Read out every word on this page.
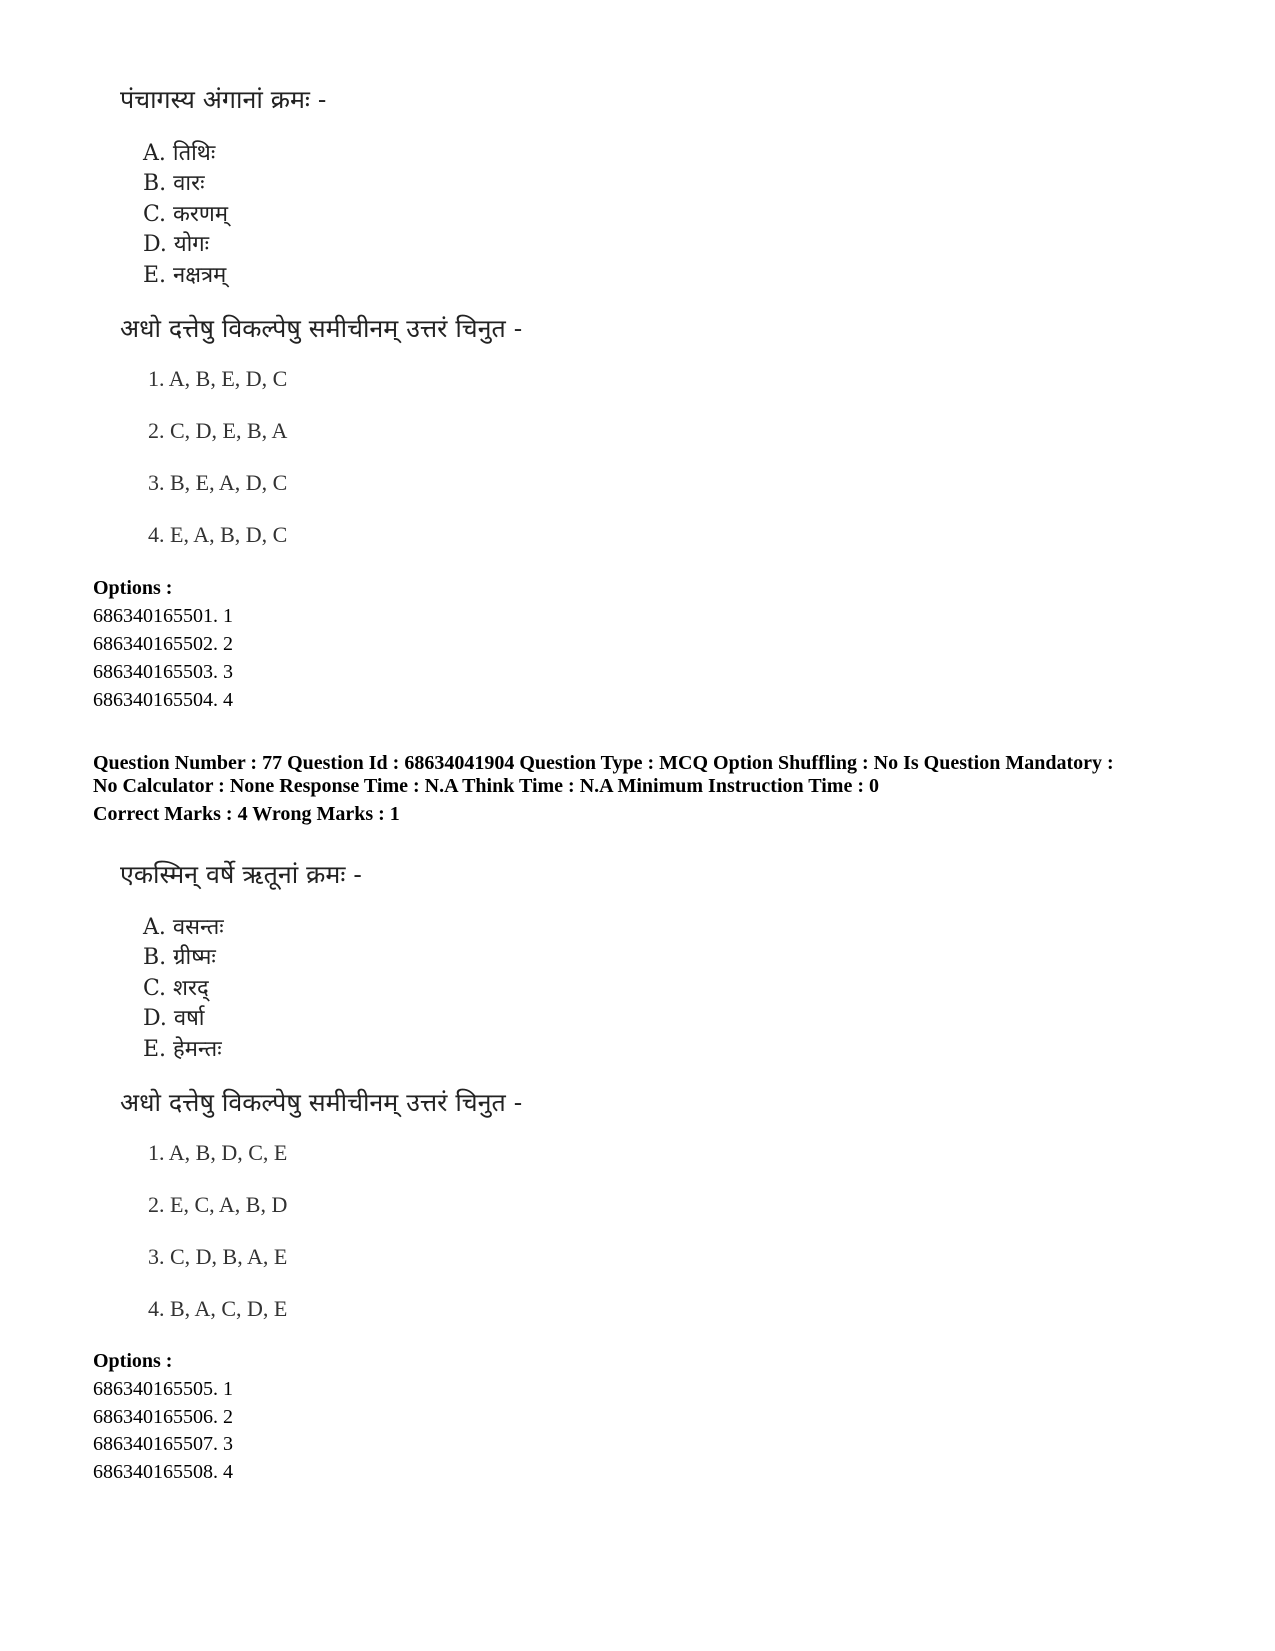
पंचागस्य अंगानां क्रमः -
A. तिथिः
B. वारः
C. करणम्
D. योगः
E. नक्षत्रम्
अधो दत्तेषु विकल्पेषु समीचीनम् उत्तरं चिनुत -
1. A, B, E, D, C
2. C, D, E, B, A
3. B, E, A, D, C
4. E, A, B, D, C
Options :
686340165501. 1
686340165502. 2
686340165503. 3
686340165504. 4
Question Number : 77 Question Id : 68634041904 Question Type : MCQ Option Shuffling : No Is Question Mandatory :
No Calculator : None Response Time : N.A Think Time : N.A Minimum Instruction Time : 0
Correct Marks : 4 Wrong Marks : 1
एकस्मिन् वर्षे ऋतूनां क्रमः -
A. वसन्तः
B. ग्रीष्मः
C. शरद्
D. वर्षा
E. हेमन्तः
अधो दत्तेषु विकल्पेषु समीचीनम् उत्तरं चिनुत -
1. A, B, D, C, E
2. E, C, A, B, D
3. C, D, B, A, E
4. B, A, C, D, E
Options :
686340165505. 1
686340165506. 2
686340165507. 3
686340165508. 4
